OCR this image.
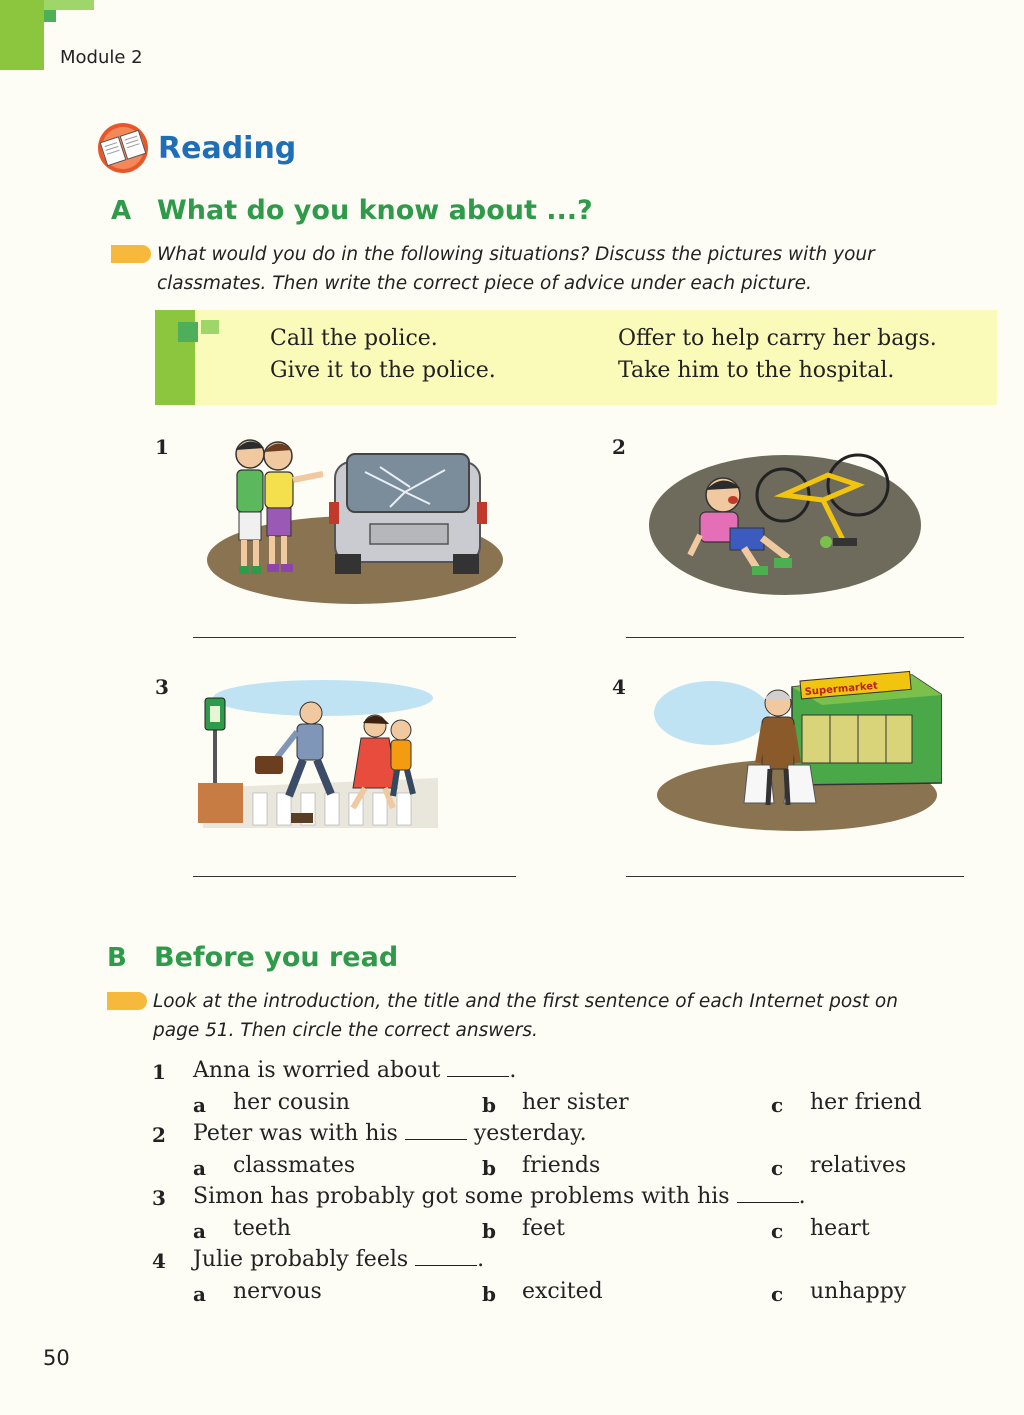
Module 2
Reading
A What do you know about ...?
What would you do in the following situations? Discuss the pictures with your
classmates. Then write the correct piece of advice under each picture.
Call the police.
Give it to the police.
Offer to help carry her bags.
Take him to the hospital.
1	2
3	4	Supermarket
B Before you read
Look at the introduction, the title and the first sentence of each Internet post on
page 51. Then circle the correct answers.
1 Anna is worried about	.
a her cousin	b her sister	c her friend
2 Peter was with his	yesterday.
a classmates	b friends	c relatives
3 Simon has probably got some problems with his	.
a teeth	b feet	c heart
4 Julie probably feels	.
a nervous	b excited	c unhappy
50
